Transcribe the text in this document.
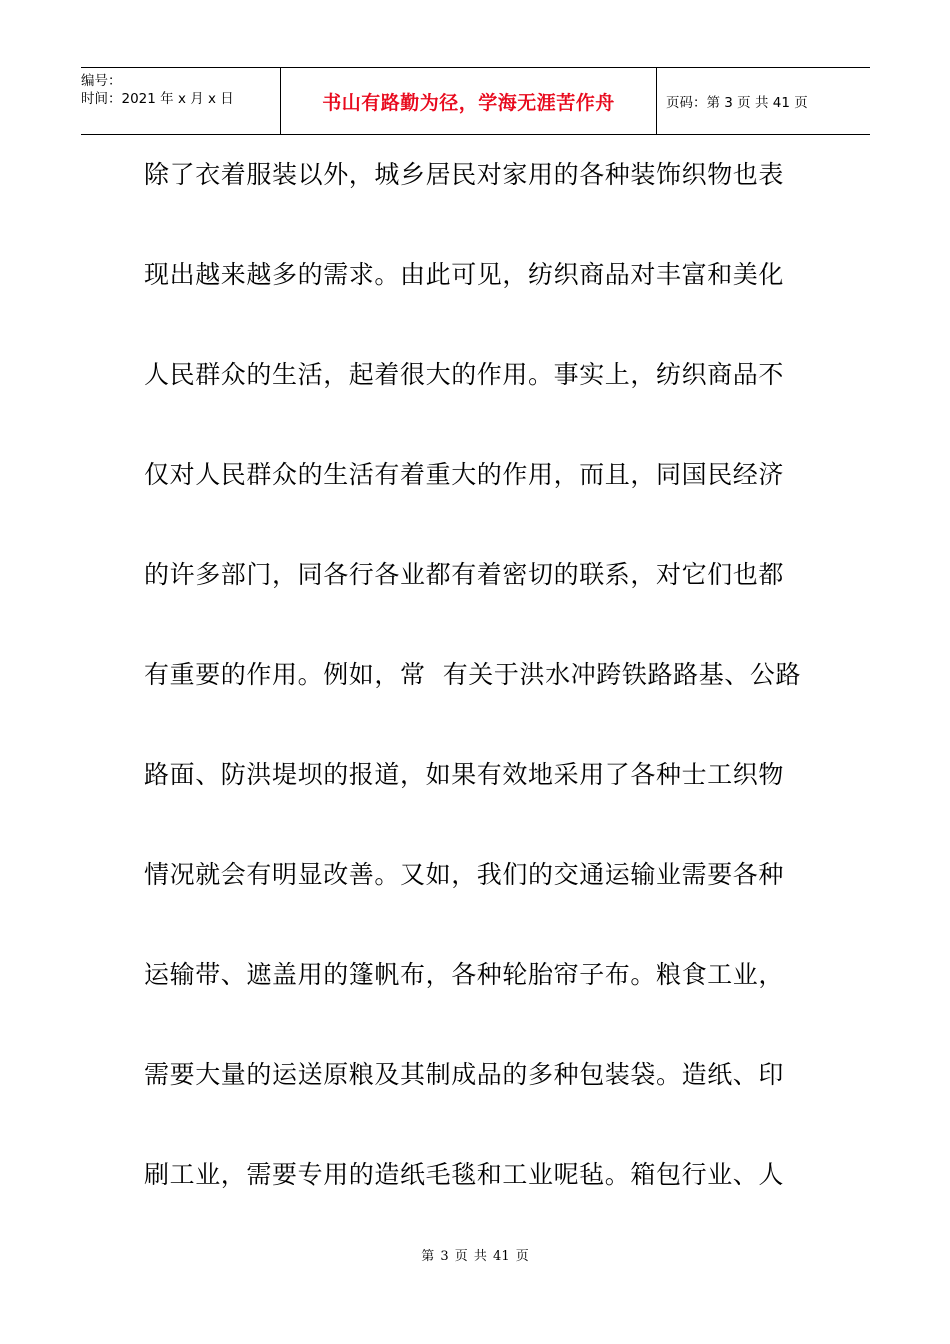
编号：
时间：2021 年 x 月 x 日	书山有路勤为径，学海无涯苦作舟	页码：第 3 页 共 41 页
除了衣着服装以外，城乡居民对家用的各种装饰织物也表
现出越来越多的需求。由此可见，纺织商品对丰富和美化
人民群众的生活，起着很大的作用。事实上，纺织商品不
仅对人民群众的生活有着重大的作用，而且，同国民经济
的许多部门，同各行各业都有着密切的联系，对它们也都
有重要的作用。例如，常  有关于洪水冲跨铁路路基、公路
路面、防洪堤坝的报道，如果有效地采用了各种士工织物
情况就会有明显改善。又如，我们的交通运输业需要各种
运输带、遮盖用的篷帆布，各种轮胎帘子布。粮食工业，
需要大量的运送原粮及其制成品的多种包装袋。造纸、印
刷工业，需要专用的造纸毛毯和工业呢毡。箱包行业、人
第 3 页 共 41 页
